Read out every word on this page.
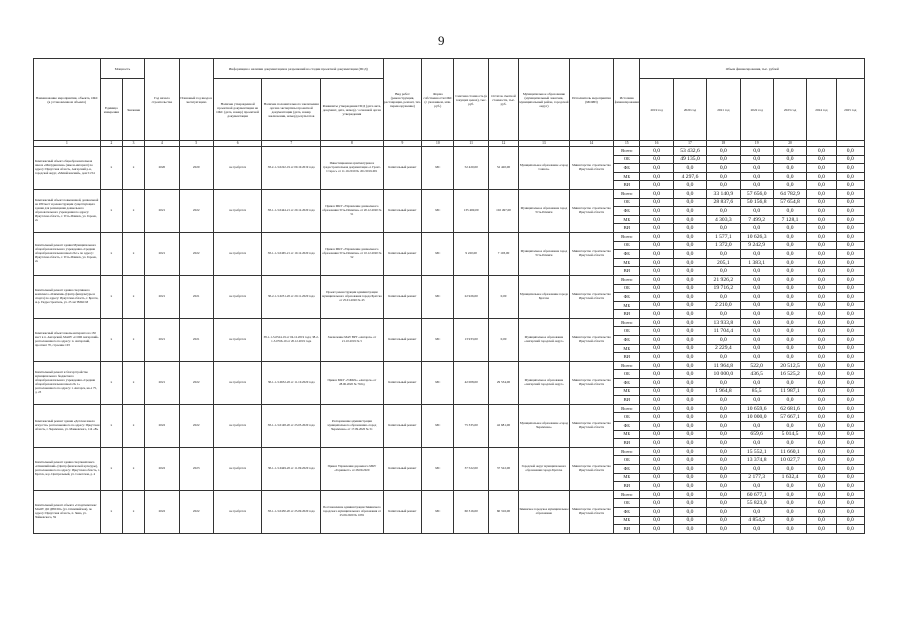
9
Наименование мероприятия, объекта, ОКС (в установленном объекте)	Мощность		Год начала строительства	Плановый год ввода в эксплуатацию	Информация о наличии документации и разрешений на стадии проектной документации (ПСД)			Вид работ (реконструкция, реставрация, ремонт, тех. перевооружение)	Форма собственности ОКС (с указанием, млн. руб.)	Сметная стоимость (в текущих ценах), тыс. руб.	Остаток сметной стоимости, тыс. руб.	Муниципальное образование (муниципальный заказчик, муниципальный район, городской округ)	Исполнитель мероприятия (МОИП)	Источник финансирования	Объем финансирования, тыс. рублей						
	Единица измерения	Значение			Наличие утвержденной проектной документации на ОКС (дата, номер) проектной документации	Наличие положительного заключения органа экспертизы проектной документации (дата, номер заключения, номер) результатов	Реквизиты утверждения ПСД (дата акта, документ, дата, номер) / основной орган утверждения								2019 год	2020 год	2021 год	2022 год	2023 год	2024 год	2025 год
1	2	3	4	5	6	7	8	9	10	11	12	13	14	15	16	17	18	19	20		
Комплексный объект общеобразовательная школа «Мичуринская» (школа-интернат) по адресу: Иркутская область, Ангарский р-н, городской округ, «Михайловский», дом 51/54	х	х	2020	2020	не требуется	38-2-1-3-0222-19 от 09.10.2019 года	Инвестиционная архитектурная и градостроительная документация «г. Грант-Старос» от 11.10.2019 № 451/2019-001	Капитальный ремонт	МС	52 420,00	52 420,00	Муниципальное образование «город Саянск»	Министерство строительства Иркутской области	Всего	0,0	53 432,6	0,0	0,0	0,0	0,0	0,0
														ОБ	0,0	49 135,0	0,0	0,0	0,0	0,0	0,0
														ФБ	0,0	0,0	0,0	0,0	0,0	0,0	0,0
														МБ	0,0	4 297,6	0,0	0,0	0,0	0,0	0,0
														ВИ	0,0	0,0	0,0	0,0	0,0	0,0	0,0
Комплексный объект повышенной, дошкольной на 280 мест и реконструкции существующего здания для размещения дошкольного образовательного учреждения по адресу: Иркутская область, г. Усть-Илимск, ул. Героев, 2а	х	х	2021	2022	не требуется	38-1-1-3-0444-21 от 20.12.2020 года	Приказ МКУ «Управление дошкольного образования Усть-Илимска» от 20.12.2020 № 51	Капитальный ремонт	МС	135 469,00	102 497,00	Муниципальное образование город Усть-Илимск	Министерство строительства Иркутской области	Всего	0,0	0,0	33 140,9	57 656,0	64 782,9	0,0	0,0
														ОБ	0,0	0,0	28 837,6	50 156,8	57 654,8	0,0	0,0
														ФБ	0,0	0,0	0,0	0,0	0,0	0,0	0,0
														МБ	0,0	0,0	4 303,3	7 499,2	7 128,1	0,0	0,0
														ВИ	0,0	0,0	0,0	0,0	0,0	0,0	0,0
Капитальный ремонт здания Муниципального общеобразовательного учреждения «Средняя общеобразовательная школа №1» по адресу: Иркутская область, г. Усть-Илимск, ул. Героев, 2а	х	х	2021	2022	не требуется	38-1-1-3-0465-21 от 10.12.2020 года	Приказ МКУ «Управление дошкольного образования Усть-Илимска» от 10.12.2020 № 52	Капитальный ремонт	МС	9 220,00	7 103,00	Муниципальное образование город Усть-Илимск	Министерство строительства Иркутской области	Всего	0,0	0,0	1 577,1	10 626,3	0,0	0,0	0,0
														ОБ	0,0	0,0	1 372,0	9 242,9	0,0	0,0	0,0
														ФБ	0,0	0,0	0,0	0,0	0,0	0,0	0,0
														МБ	0,0	0,0	205,1	1 383,1	0,0	0,0	0,0
														ВИ	0,0	0,0	0,0	0,0	0,0	0,0	0,0
Капитальный ремонт здания спортивного комплекса «Олимпия» (Центр физкультуры и спорта) по адресу: Иркутская область, г. Братск, ж.р. Гидростроитель, ул. 25 лет ВЛКСМ	х	х	2021	2021	не требуется	38-2-1-3-0251-20 от 20.11.2020 года	Проект реконструкции администрации муниципального образования города Братска от 25.01.2020 № 43	Капитальный ремонт	МС	22 926,00	0,00	Муниципальное образование города Братска	Министерство строительства Иркутской области	Всего	0,0	0,0	21 926,2	0,0	0,0	0,0	0,0
														ОБ	0,0	0,0	19 716,2	0,0	0,0	0,0	0,0
														ФБ	0,0	0,0	0,0	0,0	0,0	0,0	0,0
														МБ	0,0	0,0	2 210,0	0,0	0,0	0,0	0,0
														ВИ	0,0	0,0	0,0	0,0	0,0	0,0	0,0
Комплексный объект школы-интерната на 150 мест в п. Ангарский, МАОУ «СОШ Ангарский» расположенного по адресу: п. Ангарский, проспект 70, строение 103	х	х	2021	2021	не требуется	38-1-1-3-0524-19 от 04.12.2019 года; 38-2-1-3-0556-19 от 20.12.2019 года	Заключение МАУ ВРТ «Ангарск» от 21.10.2019 № 5	Капитальный ремонт	МС	13 933,00	0,00	Муниципальное образование «Ангарский городской округ»	Министерство строительства Иркутской области	Всего	0,0	0,0	13 933,8	0,0	0,0	0,0	0,0
														ОБ	0,0	0,0	11 704,4	0,0	0,0	0,0	0,0
														ФБ	0,0	0,0	0,0	0,0	0,0	0,0	0,0
														МБ	0,0	0,0	2 229,4	0,0	0,0	0,0	0,0
														ВИ	0,0	0,0	0,0	0,0	0,0	0,0	0,0
Капитальный ремонт и благоустройство муниципального бюджетного общеобразовательного учреждения «Средняя общеобразовательная школа № 1» расположенного по адресу: г. Ангарск, кв-л 75, д. 23	х	х	2021	2022	не требуется	38-1-1-3-0652-20 от 11.10.2020 года	Приказ МКУ «УЖКХ» «Ангарск» от 28.06.2020 № 70/пд	Капитальный ремонт	МС	42 008,00	29 534,00	Муниципальное образование «Ангарский городской округ»	Министерство строительства Иркутской области	Всего	0,0	0,0	11 964,8	522,0	20 512,5	0,0	0,0
														ОБ	0,0	0,0	10 000,0	436,5	16 525,2	0,0	0,0
														ФБ	0,0	0,0	0,0	0,0	0,0	0,0	0,0
														МБ	0,0	0,0	1 964,8	85,5	11 987,1	0,0	0,0
														ВИ	0,0	0,0	0,0	0,0	0,0	0,0	0,0
Комплексный ремонт здания «Детская школа искусств» расположенного по адресу: Иркутская область, г. Черемхово, ул. Маяковского, 114 «В»	х	х	2022	2022	не требуется	38-1-1-3-0148-20 от 23.05.2020 года	Распоряжение администрации муниципального образования «город Черемхово» от 17.09.2020 № 51	Капитальный ремонт	МС	75 335,00	42 681,00	Муниципальное образование «город Черемхово»	Министерство строительства Иркутской области	Всего	0,0	0,0	0,0	10 659,6	62 681,6	0,0	0,0
														ОБ	0,0	0,0	0,0	10 000,0	57 667,1	0,0	0,0
														ФБ	0,0	0,0	0,0	0,0	0,0	0,0	0,0
														МБ	0,0	0,0	0,0	659,6	5 014,5	0,0	0,0
														ВИ	0,0	0,0	0,0	0,0	0,0	0,0	0,0
Капитальный ремонт здания спорткомплекса «Олимпийский» (Центр физической культуры), расположенного по адресу: Иркутская область, г. Братск, ж.р. Центральный, ул. Советская, д. 4	х	х	2022	2023	не требуется	38-1-1-3-0449-20 от 11.09.2020 года	Приказ Управления дорожного МКУ «Горинвест» от 28.09.2020	Капитальный ремонт	МС	37 522,00	37 522,00	Городской округ муниципального образования города Братска	Министерство строительства Иркутской области	Всего	0,0	0,0	0,0	15 552,1	11 660,1	0,0	0,0
														ОБ	0,0	0,0	0,0	13 374,8	10 027,7	0,0	0,0
														ФБ	0,0	0,0	0,0	0,0	0,0	0,0	0,0
														МБ	0,0	0,0	0,0	2 177,3	1 632,4	0,0	0,0
														ВИ	0,0	0,0	0,0	0,0	0,0	0,0	0,0
Капитальный ремонт объекта «Спорткомплекс МАОУ ДО ДЮСШ» (ул. Олимпийская), по адресу: Иркутская область, п. Зима, ул. Чайковского, 59	х	х	2022	2022	не требуется	38-1-1-3-0450-20 от 25.09.2020 года	Постановление администрации Зиминского городского муниципального образования от 25.09.2020 № 1081	Капитальный ремонт	МС	60 316,00	60 316,00	Зиминское городское муниципальное образование	Министерство строительства Иркутской области	Всего	0,0	0,0	0,0	60 677,1	0,0	0,0	0,0
														ОБ	0,0	0,0	0,0	55 823,0	0,0	0,0	0,0
														ФБ	0,0	0,0	0,0	0,0	0,0	0,0	0,0
														МБ	0,0	0,0	0,0	4 854,2	0,0	0,0	0,0
														ВИ	0,0	0,0	0,0	0,0	0,0	0,0	0,0
